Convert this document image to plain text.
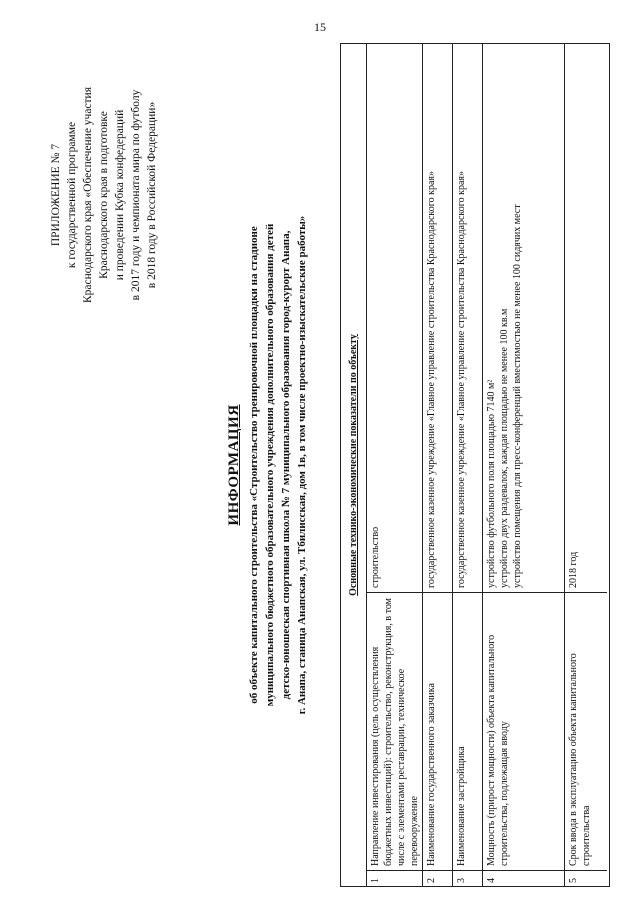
15
ПРИЛОЖЕНИЕ № 7 к государственной программе Краснодарского края «Обеспечение участия Краснодарского края в подготовке и проведении Кубка конфедераций в 2017 году и чемпионата мира по футболу в 2018 году в Российской Федерации»
ИНФОРМАЦИЯ об объекте капитального строительства «Строительство тренировочной площадки на стадионе муниципального бюджетного образовательного учреждения дополнительного образования детей детско-юношеская спортивная школа № 7 муниципального образования город-курорт Анапа, г. Анапа, станица Анапская, ул. Тбилисская, дом 1в, в том числе проектно-изыскательские работы»	Основные технико-экономические показатели по объекту
1
Направление инвестирования (цель осуществления бюджетных инвестиций): строительство, реконструкция, в том числе с элементами реставрации, техническое перевооружение
строительство
2
Наименование государственного заказчика
государственное казенное учреждение «Главное управление строительства Краснодарского края»
3
Наименование застройщика
государственное казенное учреждение «Главное управление строительства Краснодарского края»
4
Мощность (прирост мощности) объекта капитального строительства, подлежащая вводу
устройство футбольного поля площадью 7140 м²
устройство двух раздевалок, каждая площадью не менее 100 кв.м
устройство помещения для пресс-конференций вместимостью не менее 100 сидячих мест
5
Срок ввода в эксплуатацию объекта капитального строительства
2018 год
